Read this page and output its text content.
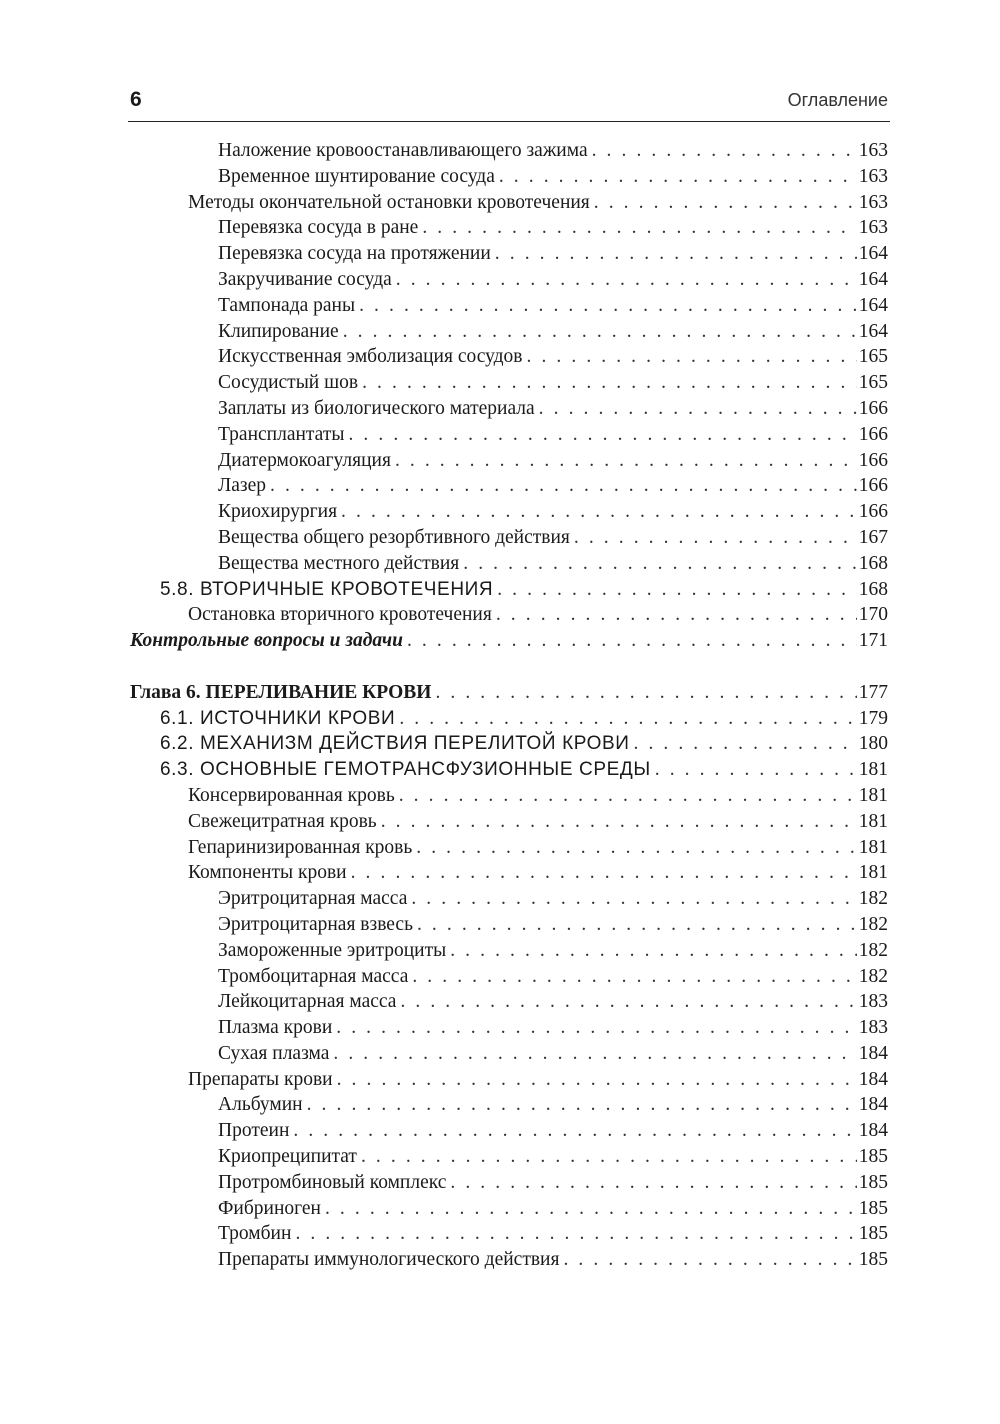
6	Оглавление
Наложение кровоостанавливающего зажима . . .	163
Временное шунтирование сосуда . . .	163
Методы окончательной остановки кровотечения . . .	163
Перевязка сосуда в ране . . .	163
Перевязка сосуда на протяжении . . .	164
Закручивание сосуда . . .	164
Тампонада раны . . .	164
Клипирование . . .	164
Искусственная эмболизация сосудов . . .	165
Сосудистый шов . . .	165
Заплаты из биологического материала . . .	166
Трансплантаты . . .	166
Диатермокоагуляция . . .	166
Лазер . . .	166
Криохирургия . . .	166
Вещества общего резорбтивного действия . . .	167
Вещества местного действия . . .	168
5.8. ВТОРИЧНЫЕ КРОВОТЕЧЕНИЯ . . .	168
Остановка вторичного кровотечения . . .	170
Контрольные вопросы и задачи . . .	171
Глава 6. ПЕРЕЛИВАНИЕ КРОВИ . . .	177
6.1. ИСТОЧНИКИ КРОВИ . . .	179
6.2. МЕХАНИЗМ ДЕЙСТВИЯ ПЕРЕЛИТОЙ КРОВИ . . .	180
6.3. ОСНОВНЫЕ ГЕМОТРАНСФУЗИОННЫЕ СРЕДЫ . . .	181
Консервированная кровь . . .	181
Свежецитратная кровь . . .	181
Гепаринизированная кровь . . .	181
Компоненты крови . . .	181
Эритроцитарная масса . . .	182
Эритроцитарная взвесь . . .	182
Замороженные эритроциты . . .	182
Тромбоцитарная масса . . .	182
Лейкоцитарная масса . . .	183
Плазма крови . . .	183
Сухая плазма . . .	184
Препараты крови . . .	184
Альбумин . . .	184
Протеин . . .	184
Криопреципитат . . .	185
Протромбиновый комплекс . . .	185
Фибриноген . . .	185
Тромбин . . .	185
Препараты иммунологического действия . . .	185
